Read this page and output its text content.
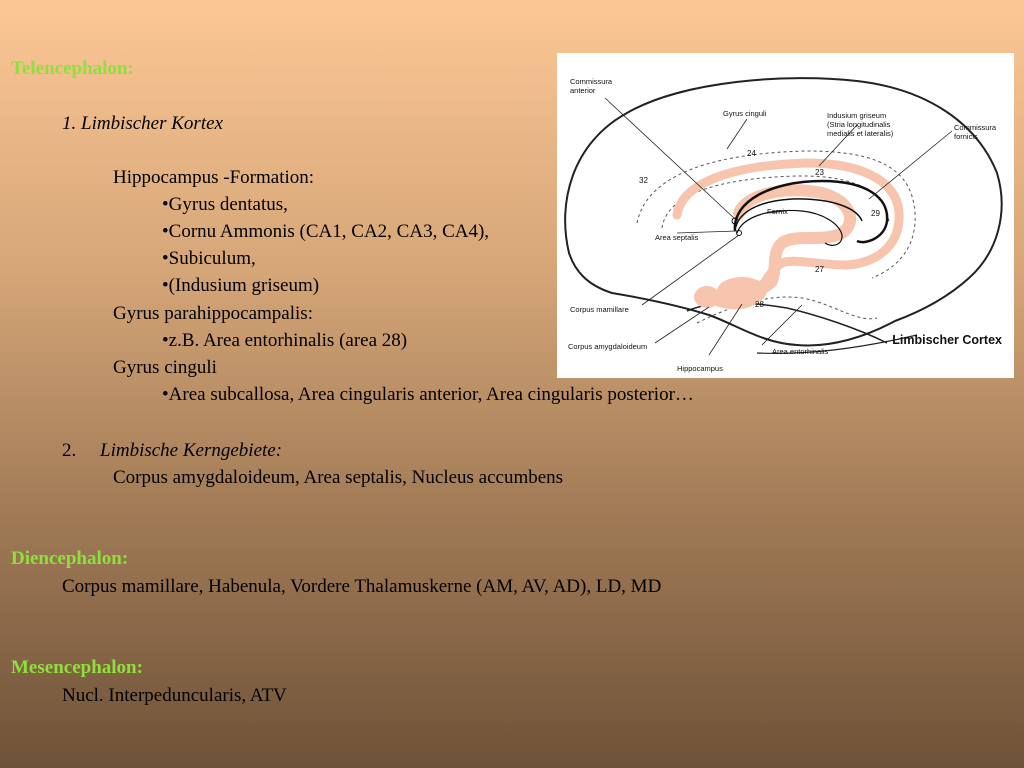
Telencephalon:
1. Limbischer Kortex
Hippocampus -Formation:
•Gyrus dentatus,
•Cornu Ammonis (CA1, CA2, CA3, CA4),
•Subiculum,
•(Indusium griseum)
Gyrus parahippocampalis:
•z.B. Area entorhinalis (area 28)
Gyrus cinguli
•Area subcallosa, Area cingularis anterior, Area cingularis posterior…
2. Limbische Kerngebiete:
Corpus amygdaloideum, Area septalis, Nucleus accumbens
Diencephalon:
Corpus mamillare, Habenula, Vordere Thalamuskerne (AM, AV, AD), LD, MD
Mesencephalon:
Nucl. Interpeduncularis, ATV
Commissura
anterior
Gyrus cinguli	Indusium griseum
(Stria longitudinalis
medialis et lateralis)
Commissura
fornicis
Fornix
Area septalis
Corpus mamillare
Corpus amygdaloideum
Hippocampus
Area entorhinalis
24
23
32
29
27
28
Limbischer Cortex
